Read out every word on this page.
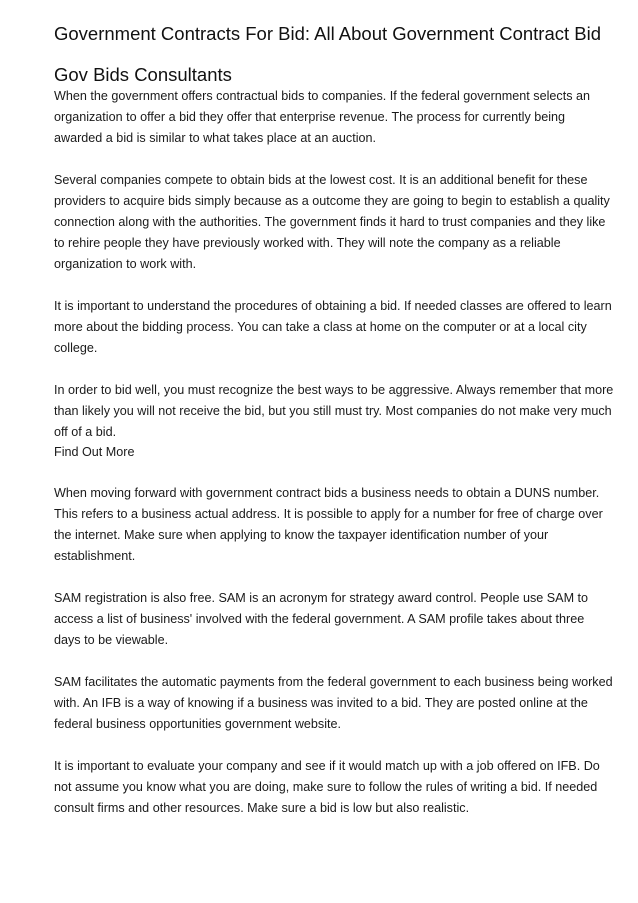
Government Contracts For Bid: All About Government Contract Bid
Gov Bids Consultants

When the government offers contractual bids to companies. If the federal government selects an organization to offer a bid they offer that enterprise revenue. The process for currently being awarded a bid is similar to what takes place at an auction.

Several companies compete to obtain bids at the lowest cost. It is an additional benefit for these providers to acquire bids simply because as a outcome they are going to begin to establish a quality connection along with the authorities. The government finds it hard to trust companies and they like to rehire people they have previously worked with. They will note the company as a reliable organization to work with.

It is important to understand the procedures of obtaining a bid. If needed classes are offered to learn more about the bidding process. You can take a class at home on the computer or at a local city college.

In order to bid well, you must recognize the best ways to be aggressive. Always remember that more than likely you will not receive the bid, but you still must try. Most companies do not make very much off of a bid.

Find Out More

When moving forward with government contract bids a business needs to obtain a DUNS number. This refers to a business actual address. It is possible to apply for a number for free of charge over the internet. Make sure when applying to know the taxpayer identification number of your establishment.

SAM registration is also free. SAM is an acronym for strategy award control. People use SAM to access a list of business' involved with the federal government. A SAM profile takes about three days to be viewable.

SAM facilitates the automatic payments from the federal government to each business being worked with. An IFB is a way of knowing if a business was invited to a bid. They are posted online at the federal business opportunities government website.

It is important to evaluate your company and see if it would match up with a job offered on IFB. Do not assume you know what you are doing, make sure to follow the rules of writing a bid. If needed consult firms and other resources. Make sure a bid is low but also realistic.
